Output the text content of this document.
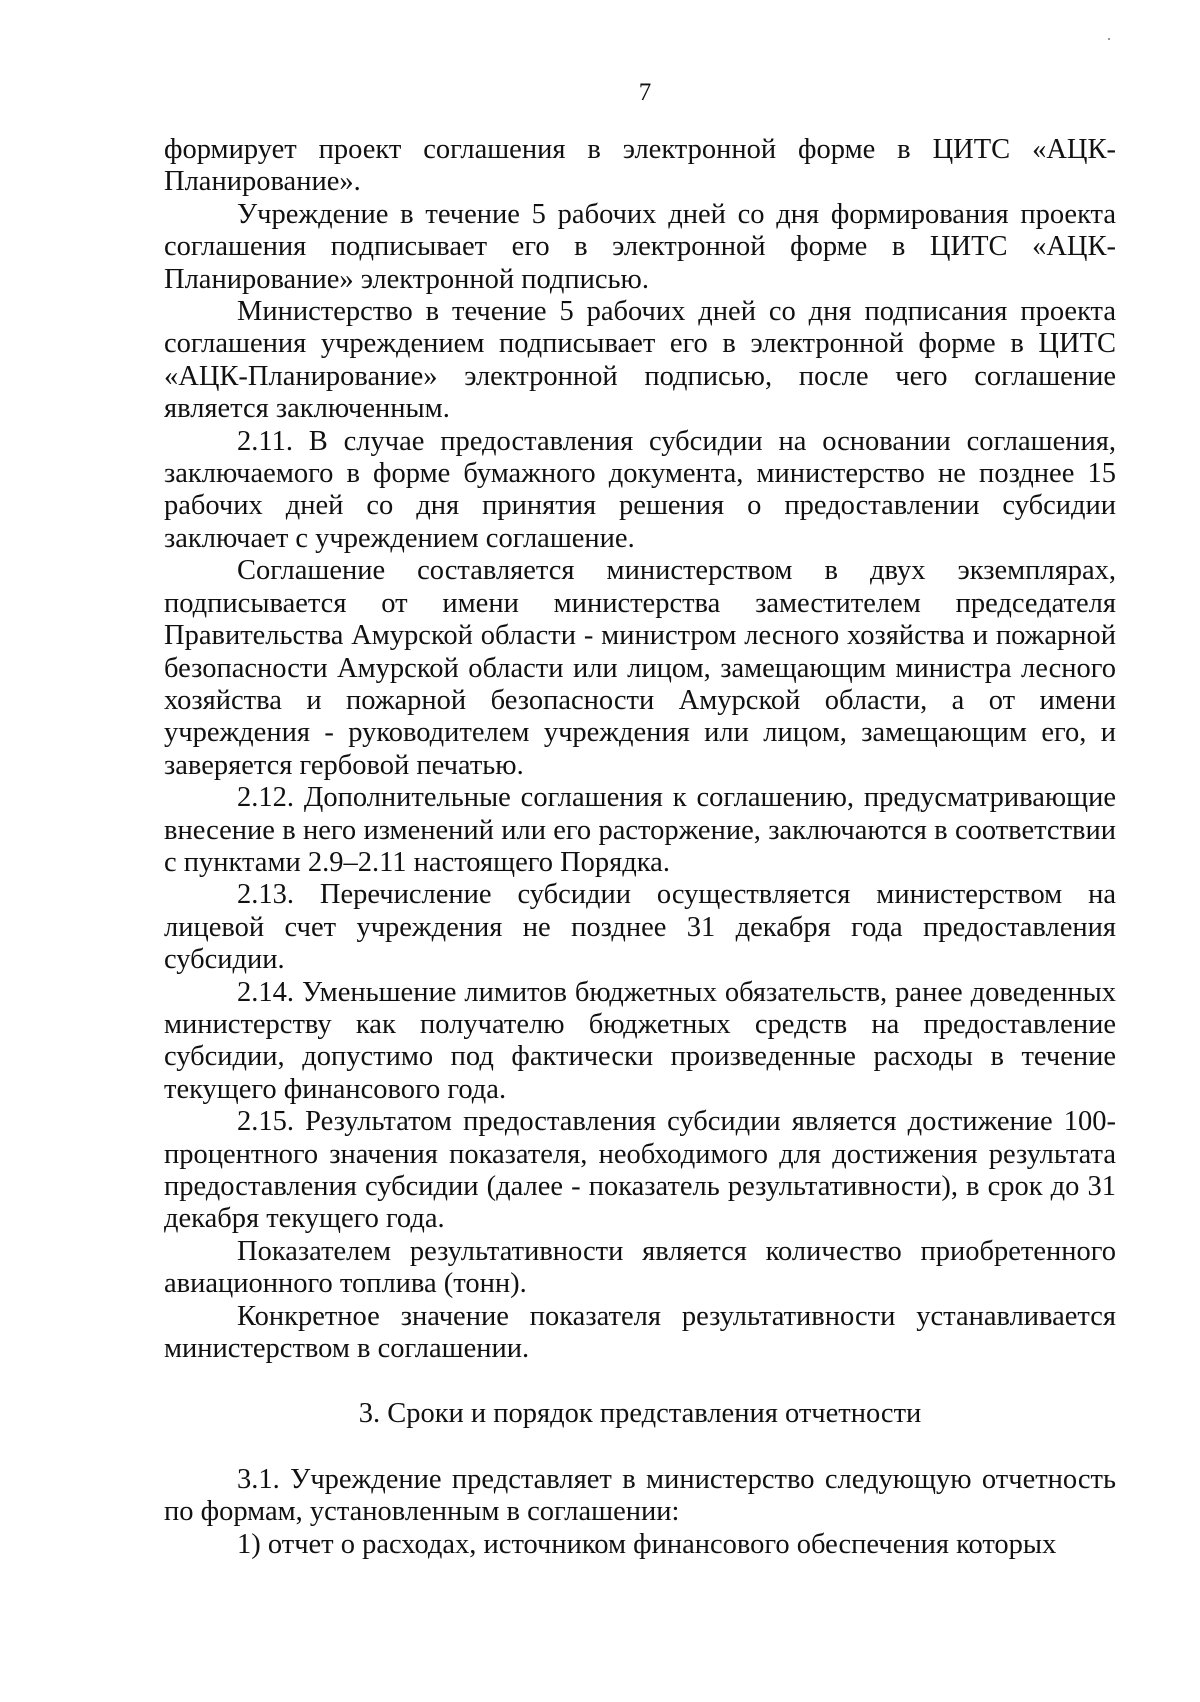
7

формирует проект соглашения в электронной форме в ЦИТС «АЦК-Планирование».

Учреждение в течение 5 рабочих дней со дня формирования проекта соглашения подписывает его в электронной форме в ЦИТС «АЦК-Планирование» электронной подписью.

Министерство в течение 5 рабочих дней со дня подписания проекта соглашения учреждением подписывает его в электронной форме в ЦИТС «АЦК-Планирование» электронной подписью, после чего соглашение является заключенным.

2.11. В случае предоставления субсидии на основании соглашения, заключаемого в форме бумажного документа, министерство не позднее 15 рабочих дней со дня принятия решения о предоставлении субсидии заключает с учреждением соглашение.

Соглашение составляется министерством в двух экземплярах, подписывается от имени министерства заместителем председателя Правительства Амурской области - министром лесного хозяйства и пожарной безопасности Амурской области или лицом, замещающим министра лесного хозяйства и пожарной безопасности Амурской области, а от имени учреждения - руководителем учреждения или лицом, замещающим его, и заверяется гербовой печатью.

2.12. Дополнительные соглашения к соглашению, предусматривающие внесение в него изменений или его расторжение, заключаются в соответствии с пунктами 2.9–2.11 настоящего Порядка.

2.13. Перечисление субсидии осуществляется министерством на лицевой счет учреждения не позднее 31 декабря года предоставления субсидии.

2.14. Уменьшение лимитов бюджетных обязательств, ранее доведенных министерству как получателю бюджетных средств на предоставление субсидии, допустимо под фактически произведенные расходы в течение текущего финансового года.

2.15. Результатом предоставления субсидии является достижение 100-процентного значения показателя, необходимого для достижения результата предоставления субсидии (далее - показатель результативности), в срок до 31 декабря текущего года.

Показателем результативности является количество приобретенного авиационного топлива (тонн).

Конкретное значение показателя результативности устанавливается министерством в соглашении.

3. Сроки и порядок представления отчетности

3.1. Учреждение представляет в министерство следующую отчетность по формам, установленным в соглашении:

1) отчет о расходах, источником финансового обеспечения которых
